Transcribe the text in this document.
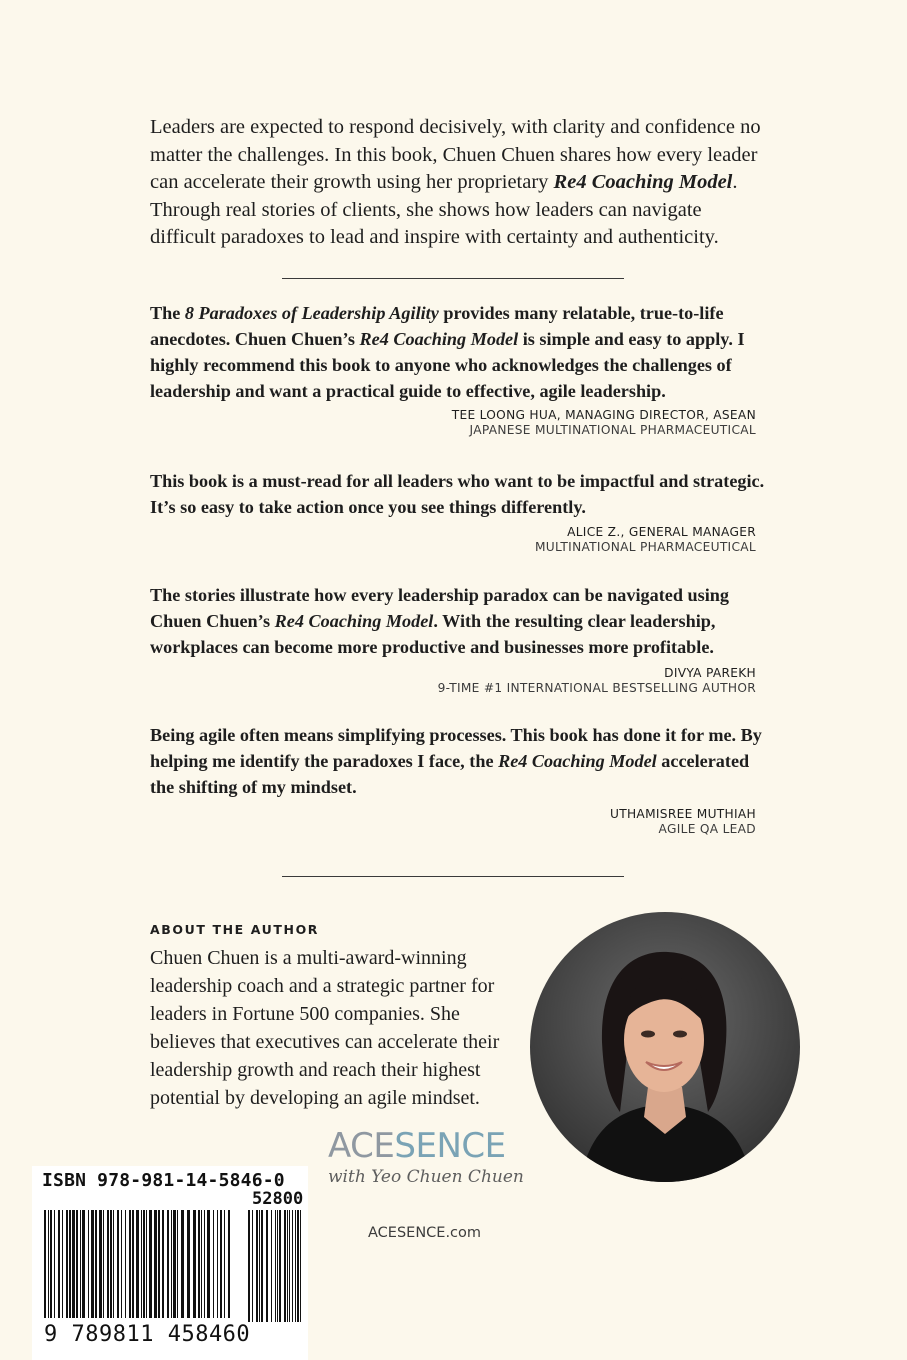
Leaders are expected to respond decisively, with clarity and confidence no matter the challenges. In this book, Chuen Chuen shares how every leader can accelerate their growth using her proprietary Re4 Coaching Model. Through real stories of clients, she shows how leaders can navigate difficult paradoxes to lead and inspire with certainty and authenticity.

The 8 Paradoxes of Leadership Agility provides many relatable, true-to-life anecdotes. Chuen Chuen’s Re4 Coaching Model is simple and easy to apply. I highly recommend this book to anyone who acknowledges the challenges of leadership and want a practical guide to effective, agile leadership.

TEE LOONG HUA, MANAGING DIRECTOR, ASEAN
JAPANESE MULTINATIONAL PHARMACEUTICAL

This book is a must-read for all leaders who want to be impactful and strategic. It’s so easy to take action once you see things differently.

ALICE Z., GENERAL MANAGER
MULTINATIONAL PHARMACEUTICAL

The stories illustrate how every leadership paradox can be navigated using Chuen Chuen’s Re4 Coaching Model. With the resulting clear leadership, workplaces can become more productive and businesses more profitable.

DIVYA PAREKH
9-TIME #1 INTERNATIONAL BESTSELLING AUTHOR

Being agile often means simplifying processes. This book has done it for me. By helping me identify the paradoxes I face, the Re4 Coaching Model accelerated the shifting of my mindset.

UTHAMISREE MUTHIAH
AGILE QA LEAD
ABOUT THE AUTHOR
Chuen Chuen is a multi-award-winning leadership coach and a strategic partner for leaders in Fortune 500 companies. She believes that executives can accelerate their leadership growth and reach their highest potential by developing an agile mindset.
ACESENCE
with Yeo Chuen Chuen
ACESENCE.com
ISBN 978-981-14-5846-0
52800
9 789811 458460
